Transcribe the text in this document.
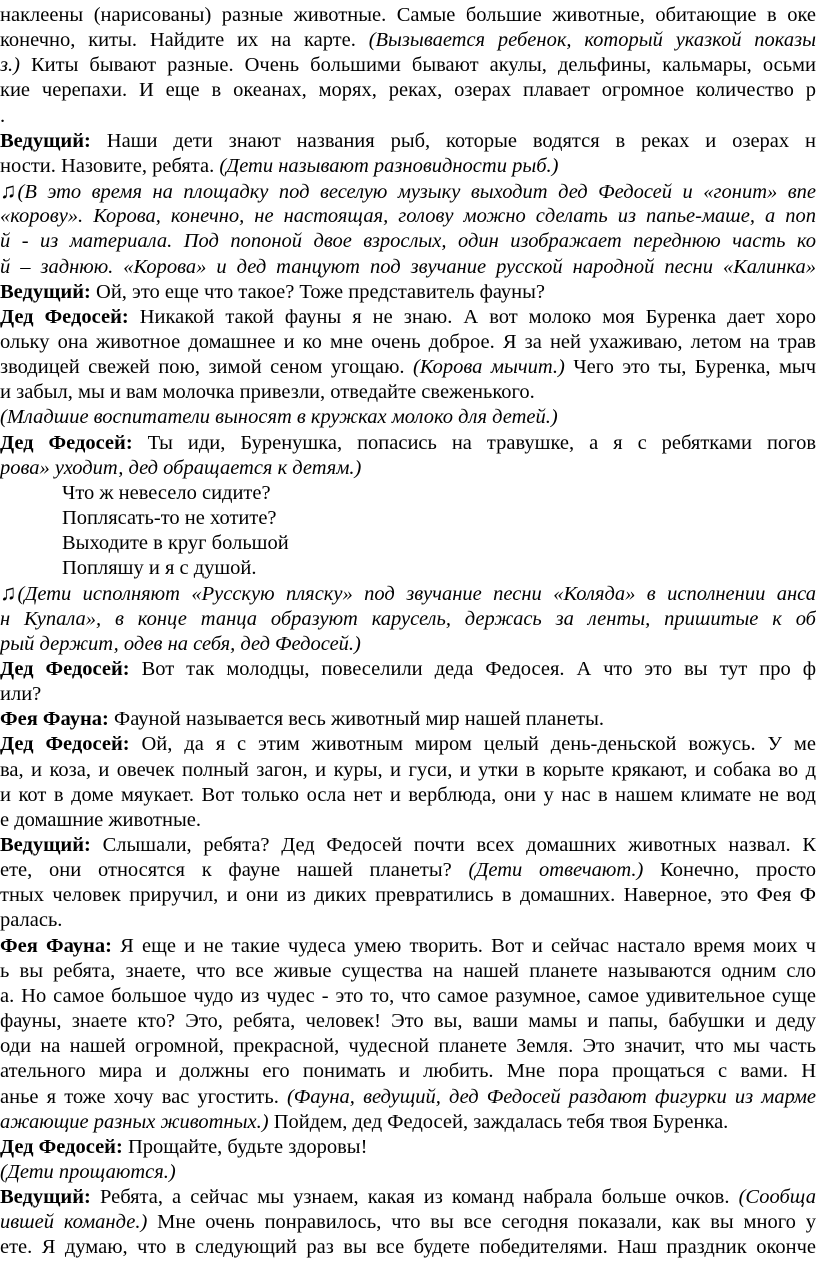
наклеены (нарисованы) разные животные. Самые большие животные, обитающие в оке
конечно, киты. Найдите их на карте. (Вызывается ребенок, который указкой показы
з.) Киты бывают разные. Очень большими бывают акулы, дельфины, кальмары, осьми
кие черепахи. И еще в океанах, морях, реках, озерах плавает огромное количество р
.
Ведущий: Наши дети знают названия рыб, которые водятся в реках и озерах н
ности. Назовите, ребята. (Дети называют разновидности рыб.)
♫(В это время на площадку под веселую музыку выходит дед Федосей и «гонит» впе
«корову». Корова, конечно, не настоящая, голову можно сделать из папье-маше, а поп
й - из материала. Под попоной двое взрослых, один изображает переднюю часть ко
й – заднюю. «Корова» и дед танцуют под звучание русской народной песни «Калинка»
Ведущий: Ой, это еще что такое? Тоже представитель фауны?
Дед Федосей: Никакой такой фауны я не знаю. А вот молоко моя Буренка дает хоро
ольку она животное домашнее и ко мне очень доброе. Я за ней ухаживаю, летом на трав
зводицей свежей пою, зимой сеном угощаю. (Корова мычит.) Чего это ты, Буренка, мыч
и забыл, мы и вам молочка привезли, отведайте свеженького.
(Младшие воспитатели выносят в кружках молоко для детей.)
Дед Федосей: Ты иди, Буренушка, попасись на травушке, а я с ребятками погов
рова» уходит, дед обращается к детям.)
Что ж невесело сидите?
Поплясать-то не хотите?
Выходите в круг большой
Попляшу и я с душой.
♫(Дети исполняют «Русскую пляску» под звучание песни «Коляда» в исполнении анса
н Купала», в конце танца образуют карусель, держась за ленты, пришитые к об
рый держит, одев на себя, дед Федосей.)
Дед Федосей: Вот так молодцы, повеселили деда Федосея. А что это вы тут про ф
или?
Фея Фауна: Фауной называется весь животный мир нашей планеты.
Дед Федосей: Ой, да я с этим животным миром целый день-деньской вожусь. У ме
ва, и коза, и овечек полный загон, и куры, и гуси, и утки в корыте крякают, и собака во д
и кот в доме мяукает. Вот только осла нет и верблюда, они у нас в нашем климате не вод
е домашние животные.
Ведущий: Слышали, ребята? Дед Федосей почти всех домашних животных назвал. К
ете, они относятся к фауне нашей планеты? (Дети отвечают.) Конечно, просто
тных человек приручил, и они из диких превратились в домашних. Наверное, это Фея Ф
ралась.
Фея Фауна: Я еще и не такие чудеса умею творить. Вот и сейчас настало время моих ч
ь вы ребята, знаете, что все живые существа на нашей планете называются одним сло
а. Но самое большое чудо из чудес - это то, что самое разумное, самое удивительное суще
фауны, знаете кто? Это, ребята, человек! Это вы, ваши мамы и папы, бабушки и деду
оди на нашей огромной, прекрасной, чудесной планете Земля. Это значит, что мы часть
ательного мира и должны его понимать и любить. Мне пора прощаться с вами. Н
анье я тоже хочу вас угостить. (Фауна, ведущий, дед Федосей раздают фигурки из марме
ажающие разных животных.) Пойдем, дед Федосей, заждалась тебя твоя Буренка.
Дед Федосей: Прощайте, будьте здоровы!
(Дети прощаются.)
Ведущий: Ребята, а сейчас мы узнаем, какая из команд набрала больше очков. (Сообща
ившей команде.) Мне очень понравилось, что вы все сегодня показали, как вы много у
ете. Я думаю, что в следующий раз вы все будете победителями. Наш праздник оконче
